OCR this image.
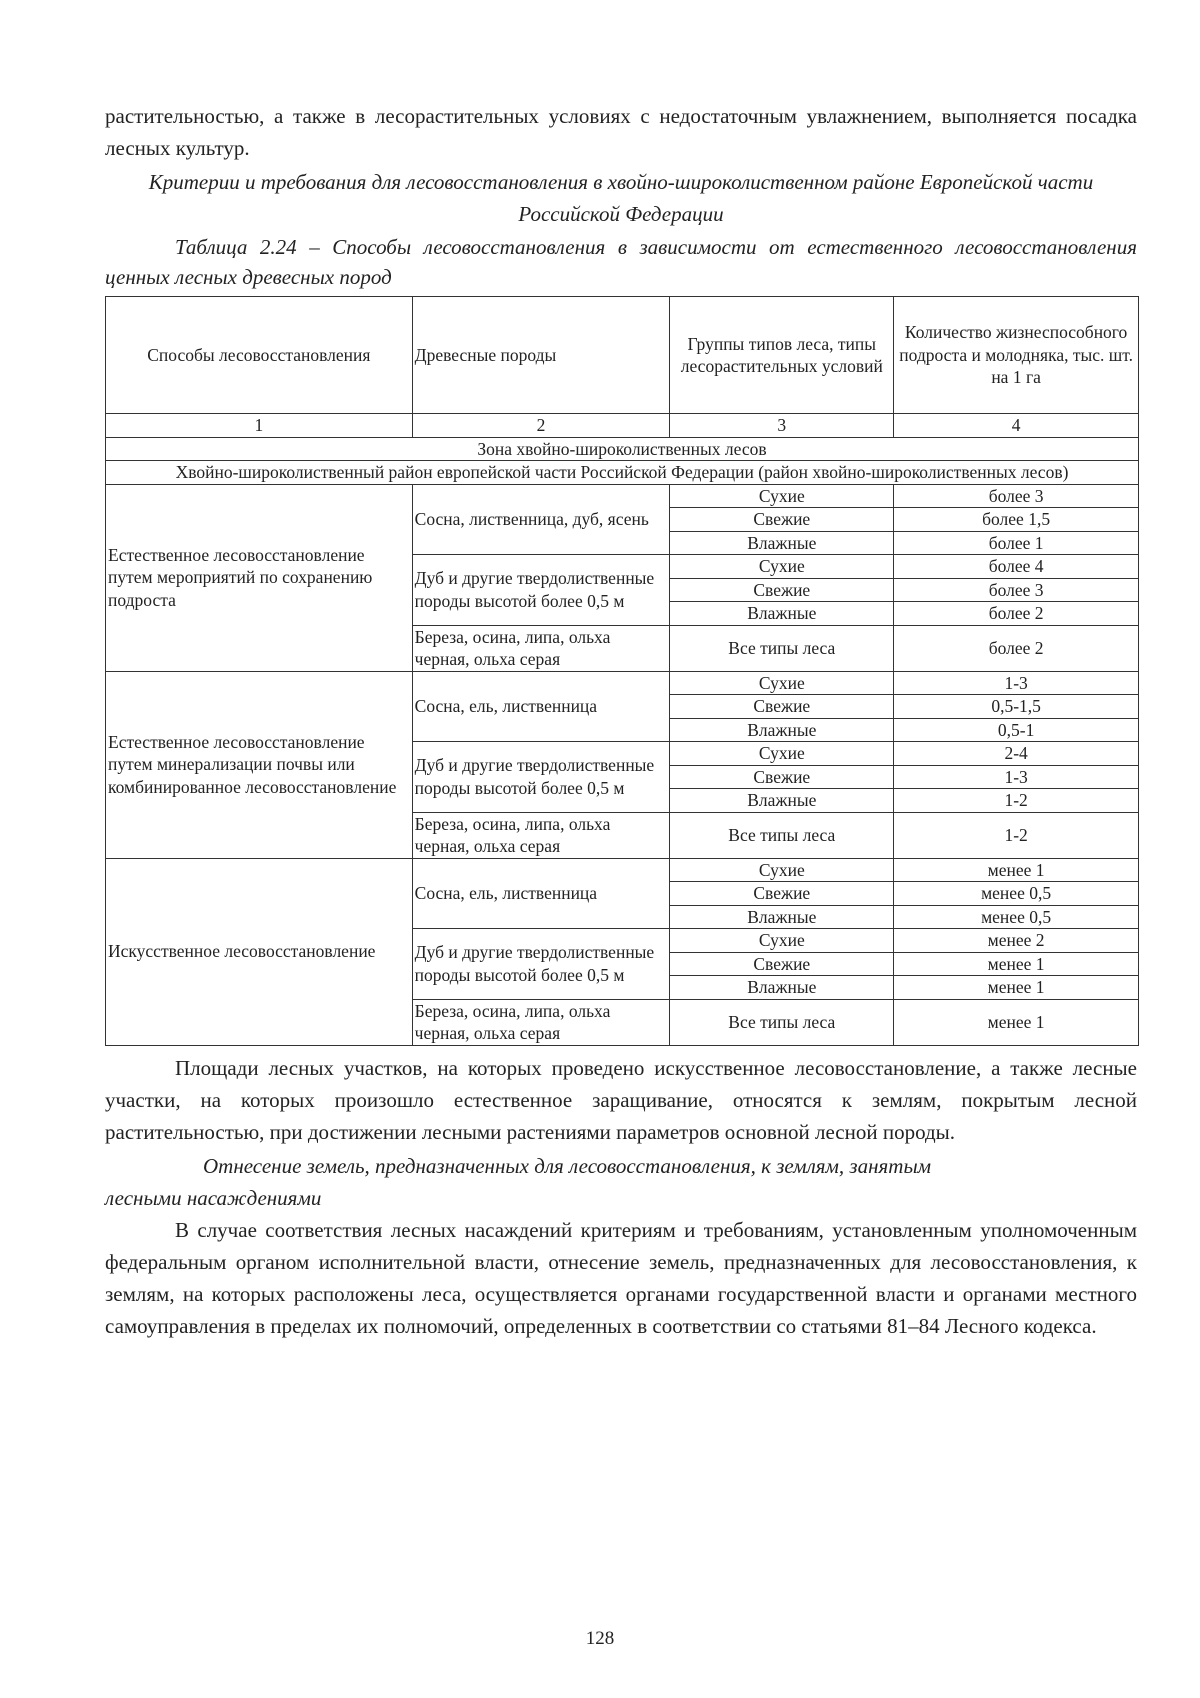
растительностью, а также в лесорастительных условиях с недостаточным увлажнением, выполняется посадка лесных культур.

Критерии и требования для лесовосстановления в хвойно-широколиственном районе Европейской части Российской Федерации

Таблица 2.24 – Способы лесовосстановления в зависимости от естественного лесовосстановления ценных лесных древесных пород

Способы лесовосстановления	Древесные породы	Группы типов леса, типы лесорастительных условий	Количество жизнеспособного подроста и молодняка, тыс. шт. на 1 га
1	2	3	4
Зона хвойно-широколиственных лесов			
Хвойно-широколиственный район европейской части Российской Федерации (район хвойно-широколиственных лесов)			
Естественное лесовосстановление путем мероприятий по сохранению подроста	Сосна, лиственница, дуб, ясень	Сухие	более 3
		Свежие	более 1,5
		Влажные	более 1
	Дуб и другие твердолиственные породы высотой более 0,5 м	Сухие	более 4
		Свежие	более 3
		Влажные	более 2
	Береза, осина, липа, ольха черная, ольха серая	Все типы леса	более 2
Естественное лесовосстановление путем минерализации почвы или комбинированное лесовосстановление	Сосна, ель, лиственница	Сухие	1-3
		Свежие	0,5-1,5
		Влажные	0,5-1
	Дуб и другие твердолиственные породы высотой более 0,5 м	Сухие	2-4
		Свежие	1-3
		Влажные	1-2
	Береза, осина, липа, ольха черная, ольха серая	Все типы леса	1-2
Искусственное лесовосстановление	Сосна, ель, лиственница	Сухие	менее 1
		Свежие	менее 0,5
		Влажные	менее 0,5
	Дуб и другие твердолиственные породы высотой более 0,5 м	Сухие	менее 2
		Свежие	менее 1
		Влажные	менее 1
	Береза, осина, липа, ольха черная, ольха серая	Все типы леса	менее 1

Площади лесных участков, на которых проведено искусственное лесовосстановление, а также лесные участки, на которых произошло естественное заращивание, относятся к землям, покрытым лесной растительностью, при достижении лесными растениями параметров основной лесной породы.

Отнесение земель, предназначенных для лесовосстановления, к землям, занятым

лесными насаждениями

В случае соответствия лесных насаждений критериям и требованиям, установленным уполномоченным федеральным органом исполнительной власти, отнесение земель, предназначенных для лесовосстановления, к землям, на которых расположены леса, осуществляется органами государственной власти и органами местного самоуправления в пределах их полномочий, определенных в соответствии со статьями 81–84 Лесного кодекса.

128
